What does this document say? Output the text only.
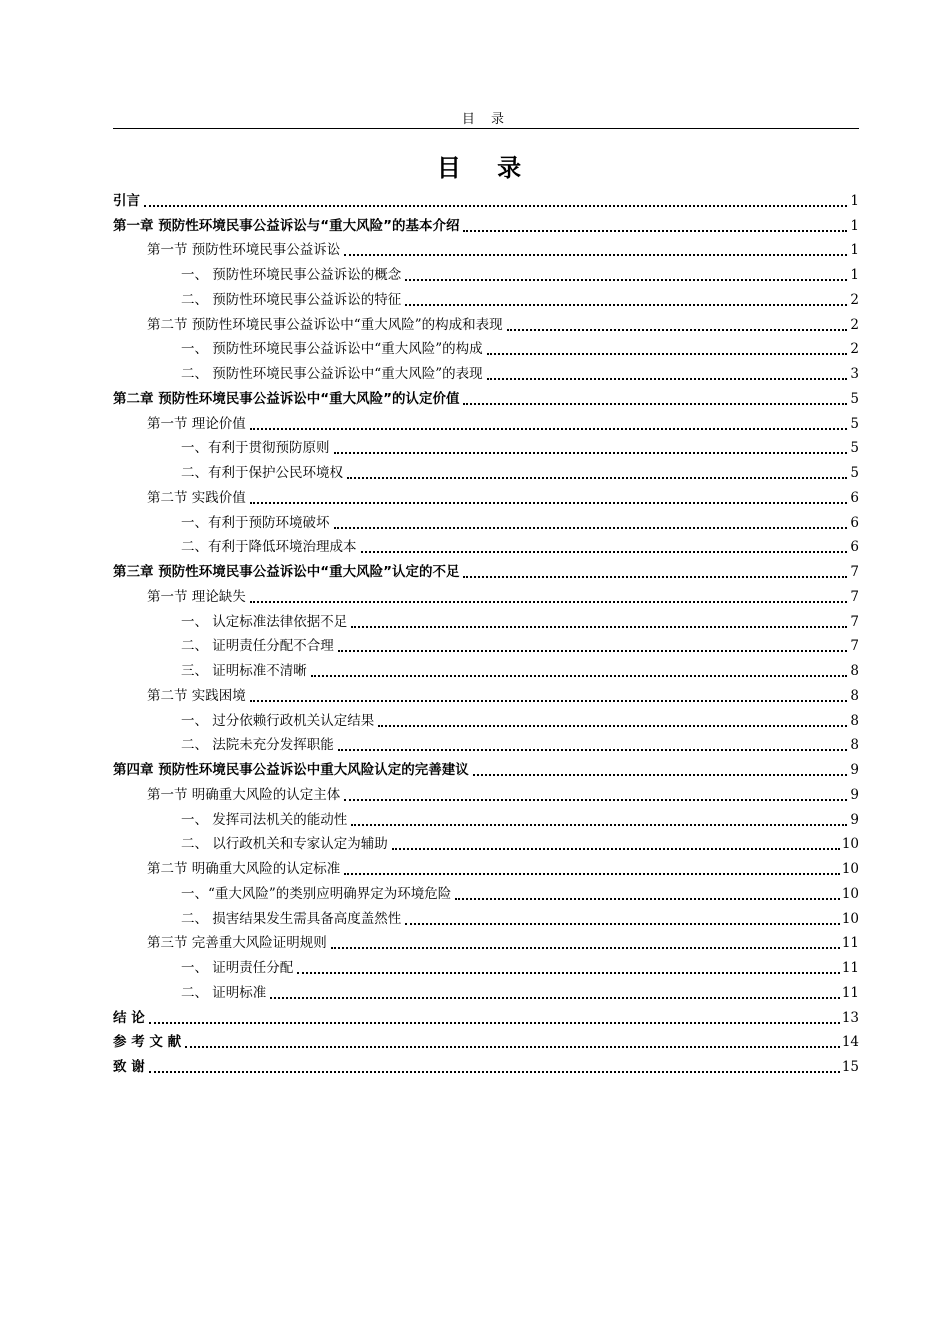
目 录
目 录
引言	1
第一章 预防性环境民事公益诉讼与“重大风险”的基本介绍	1
第一节 预防性环境民事公益诉讼	1
一、 预防性环境民事公益诉讼的概念	1
二、 预防性环境民事公益诉讼的特征	2
第二节 预防性环境民事公益诉讼中“重大风险”的构成和表现	2
一、 预防性环境民事公益诉讼中“重大风险”的构成	2
二、 预防性环境民事公益诉讼中“重大风险”的表现	3
第二章 预防性环境民事公益诉讼中“重大风险”的认定价值	5
第一节 理论价值	5
一、有利于贯彻预防原则	5
二、有利于保护公民环境权	5
第二节 实践价值	6
一、有利于预防环境破坏	6
二、有利于降低环境治理成本	6
第三章 预防性环境民事公益诉讼中“重大风险”认定的不足	7
第一节 理论缺失	7
一、 认定标准法律依据不足	7
二、 证明责任分配不合理	7
三、 证明标准不清晰	8
第二节 实践困境	8
一、 过分依赖行政机关认定结果	8
二、 法院未充分发挥职能	8
第四章 预防性环境民事公益诉讼中重大风险认定的完善建议	9
第一节 明确重大风险的认定主体	9
一、 发挥司法机关的能动性	9
二、 以行政机关和专家认定为辅助	10
第二节 明确重大风险的认定标准	10
一、“重大风险”的类别应明确界定为环境危险	10
二、 损害结果发生需具备高度盖然性	10
第三节 完善重大风险证明规则	11
一、 证明责任分配	11
二、 证明标准	11
结 论	13
参 考 文 献	14
致 谢	15
